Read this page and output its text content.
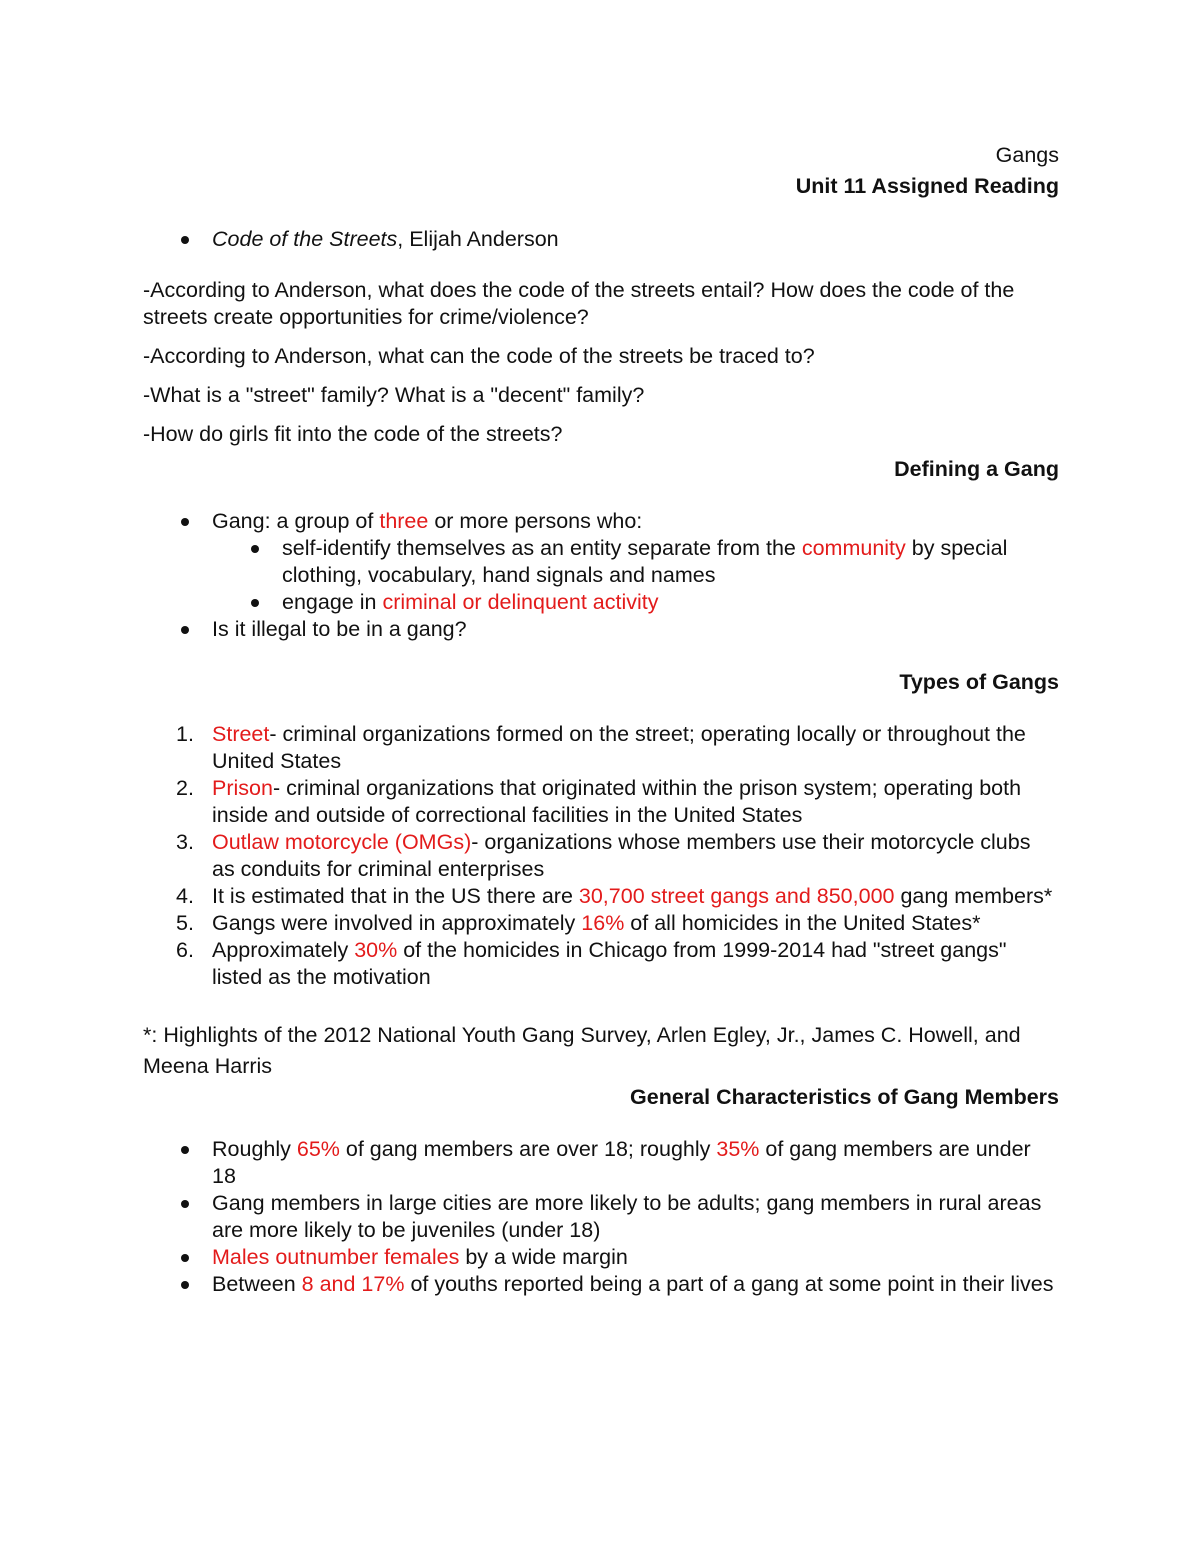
Gangs

Unit 11 Assigned Reading

Code of the Streets, Elijah Anderson

-According to Anderson, what does the code of the streets entail? How does the code of the streets create opportunities for crime/violence?

-According to Anderson, what can the code of the streets be traced to?

-What is a "street" family? What is a "decent" family?

-How do girls fit into the code of the streets?

Defining a Gang

Gang: a group of three or more persons who:
self-identify themselves as an entity separate from the community by special clothing, vocabulary, hand signals and names
engage in criminal or delinquent activity
Is it illegal to be in a gang?

Types of Gangs

1. Street- criminal organizations formed on the street; operating locally or throughout the United States
2. Prison- criminal organizations that originated within the prison system; operating both inside and outside of correctional facilities in the United States
3. Outlaw motorcycle (OMGs)- organizations whose members use their motorcycle clubs as conduits for criminal enterprises
4. It is estimated that in the US there are 30,700 street gangs and 850,000 gang members*
5. Gangs were involved in approximately 16% of all homicides in the United States*
6. Approximately 30% of the homicides in Chicago from 1999-2014 had "street gangs" listed as the motivation

*: Highlights of the 2012 National Youth Gang Survey, Arlen Egley, Jr., James C. Howell, and Meena Harris

General Characteristics of Gang Members

Roughly 65% of gang members are over 18; roughly 35% of gang members are under 18
Gang members in large cities are more likely to be adults; gang members in rural areas are more likely to be juveniles (under 18)
Males outnumber females by a wide margin
Between 8 and 17% of youths reported being a part of a gang at some point in their lives
